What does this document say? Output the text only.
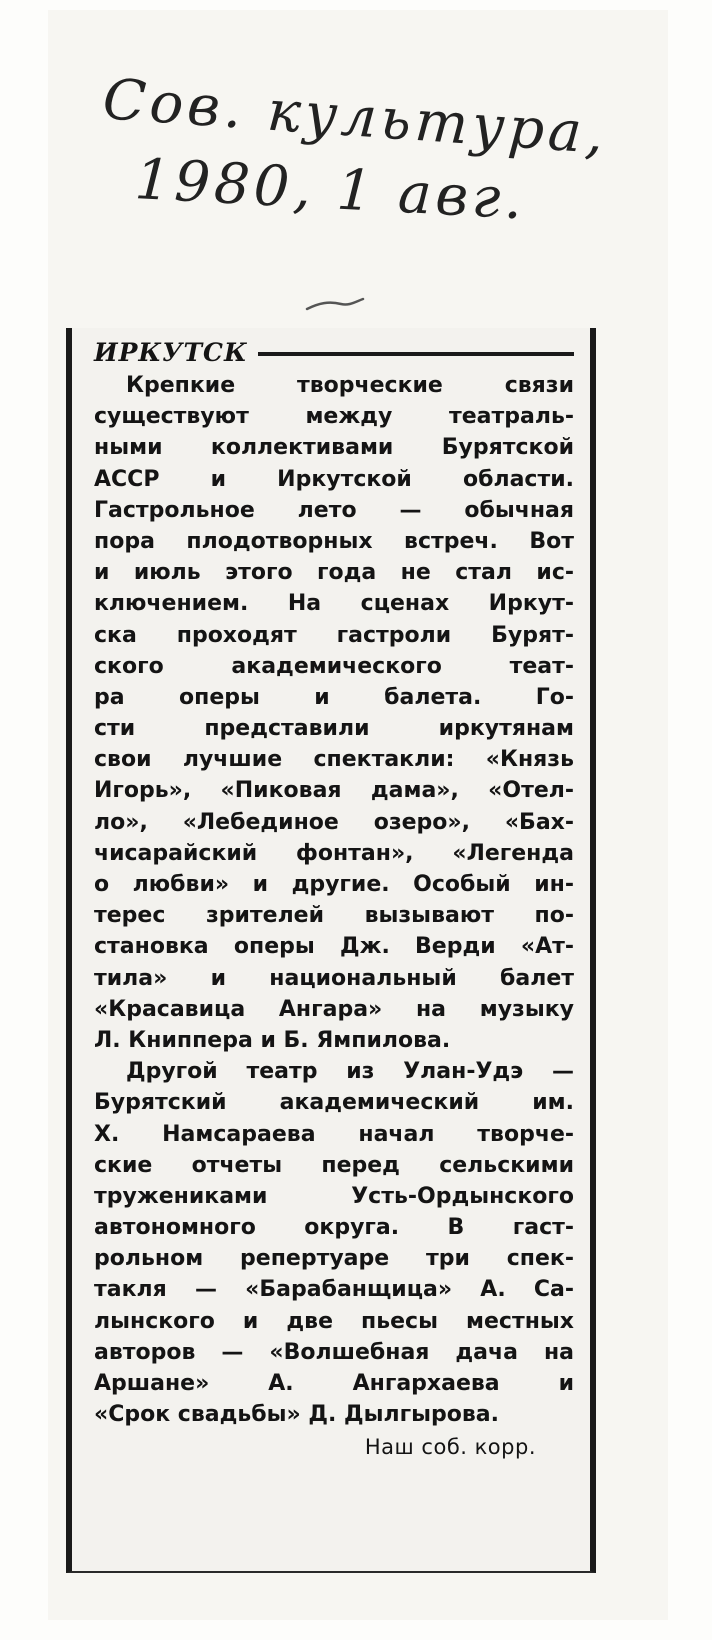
Сов. культура,
1980, 1 авг.
ИРКУТСК
Крепкие творческие связи
существуют между театраль-
ными коллективами Бурятской
АССР и Иркутской области.
Гастрольное лето — обычная
пора плодотворных встреч. Вот
и июль этого года не стал ис-
ключением. На сценах Иркут-
ска проходят гастроли Бурят-
ского академического теат-
ра оперы и балета. Го-
сти представили иркутянам
свои лучшие спектакли: «Князь
Игорь», «Пиковая дама», «Отел-
ло», «Лебединое озеро», «Бах-
чисарайский фонтан», «Легенда
о любви» и другие. Особый ин-
терес зрителей вызывают по-
становка оперы Дж. Верди «Ат-
тила» и национальный балет
«Красавица Ангара» на музыку
Л. Книппера и Б. Ямпилова.
Другой театр из Улан-Удэ —
Бурятский академический им.
Х. Намсараева начал творче-
ские отчеты перед сельскими
тружениками Усть-Ордынского
автономного округа. В гаст-
рольном репертуаре три спек-
такля — «Барабанщица» А. Са-
лынского и две пьесы местных
авторов — «Волшебная дача на
Аршане» А. Ангархаева и
«Срок свадьбы» Д. Дылгырова.
Наш соб. корр.
